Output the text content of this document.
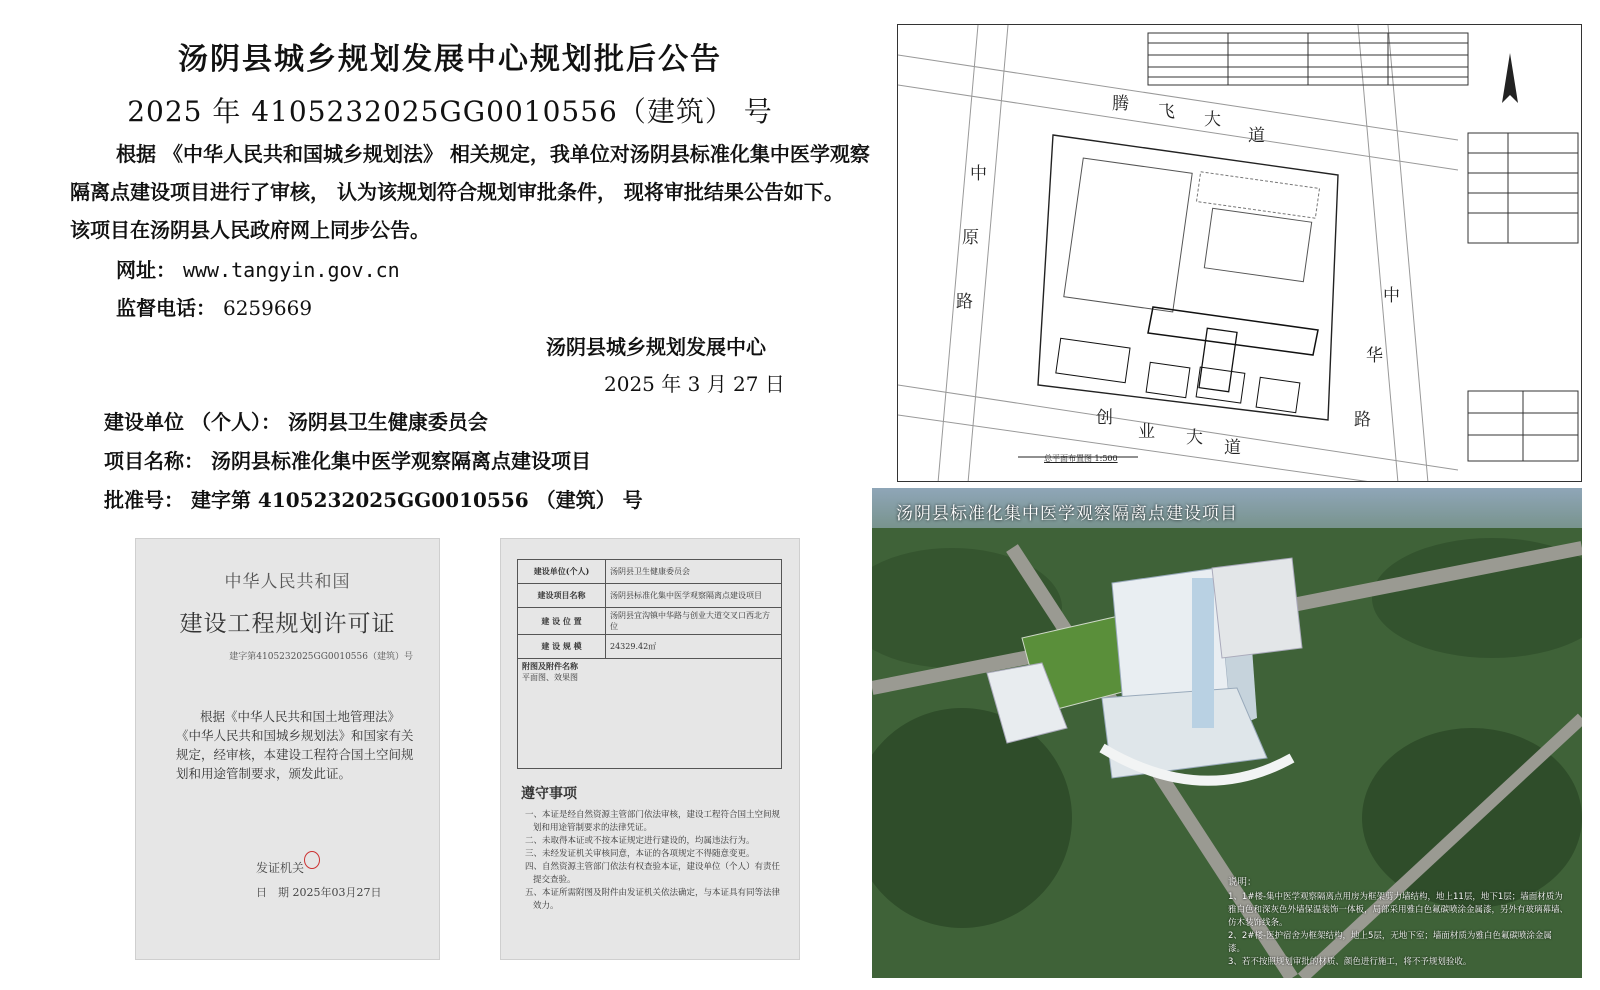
汤阴县城乡规划发展中心规划批后公告
2025 年 4105232025GG0010556（建筑） 号
根据 《中华人民共和国城乡规划法》 相关规定，我单位对汤阴县标准化集中医学观察隔离点建设项目进行了审核， 认为该规划符合规划审批条件， 现将审批结果公告如下。 该项目在汤阴县人民政府网上同步公告。
网址： www.tangyin.gov.cn
监督电话： 6259669
汤阴县城乡规划发展中心
2025 年 3 月 27 日
建设单位 （个人）： 汤阴县卫生健康委员会
项目名称： 汤阴县标准化集中医学观察隔离点建设项目
批准号： 建字第 4105232025GG0010556 （建筑） 号
中华人民共和国
建设工程规划许可证
建字第4105232025GG0010556（建筑）号
根据《中华人民共和国土地管理法》《中华人民共和国城乡规划法》和国家有关规定，经审核，本建设工程符合国土空间规划和用途管制要求，颁发此证。
发证机关
日　期 2025年03月27日
建设单位(个人)	汤阴县卫生健康委员会
建设项目名称	汤阴县标准化集中医学观察隔离点建设项目
建 设 位 置	汤阴县宜沟镇中华路与创业大道交叉口西北方位
建 设 规 模	24329.42㎡

附图及附件名称
平面图、效果图	
遵守事项
一、本证是经自然资源主管部门依法审核，建设工程符合国土空间规划和用途管制要求的法律凭证。
二、未取得本证或不按本证规定进行建设的，均属违法行为。
三、未经发证机关审核同意，本证的各项规定不得随意变更。
四、自然资源主管部门依法有权查验本证，建设单位（个人）有责任提交查验。
五、本证所需附图及附件由发证机关依法确定，与本证具有同等法律效力。
腾 飞 大
道
中
原
路	中
华
路
创
业 大 道
总平面布置图 1:500
汤阴县标准化集中医学观察隔离点建设项目
说明：
1、1#楼-集中医学观察隔离点用房为框架剪力墙结构，地上11层，地下1层；墙面材质为雅白色和深灰色外墙保温装饰一体板，局部采用雅白色氟碳喷涂金属漆，另外有玻璃幕墙、仿木装饰线条。
2、2#楼-医护宿舍为框架结构，地上5层，无地下室；墙面材质为雅白色氟碳喷涂金属漆。
3、若不按照规划审批的材质、颜色进行施工，将不予规划验收。
